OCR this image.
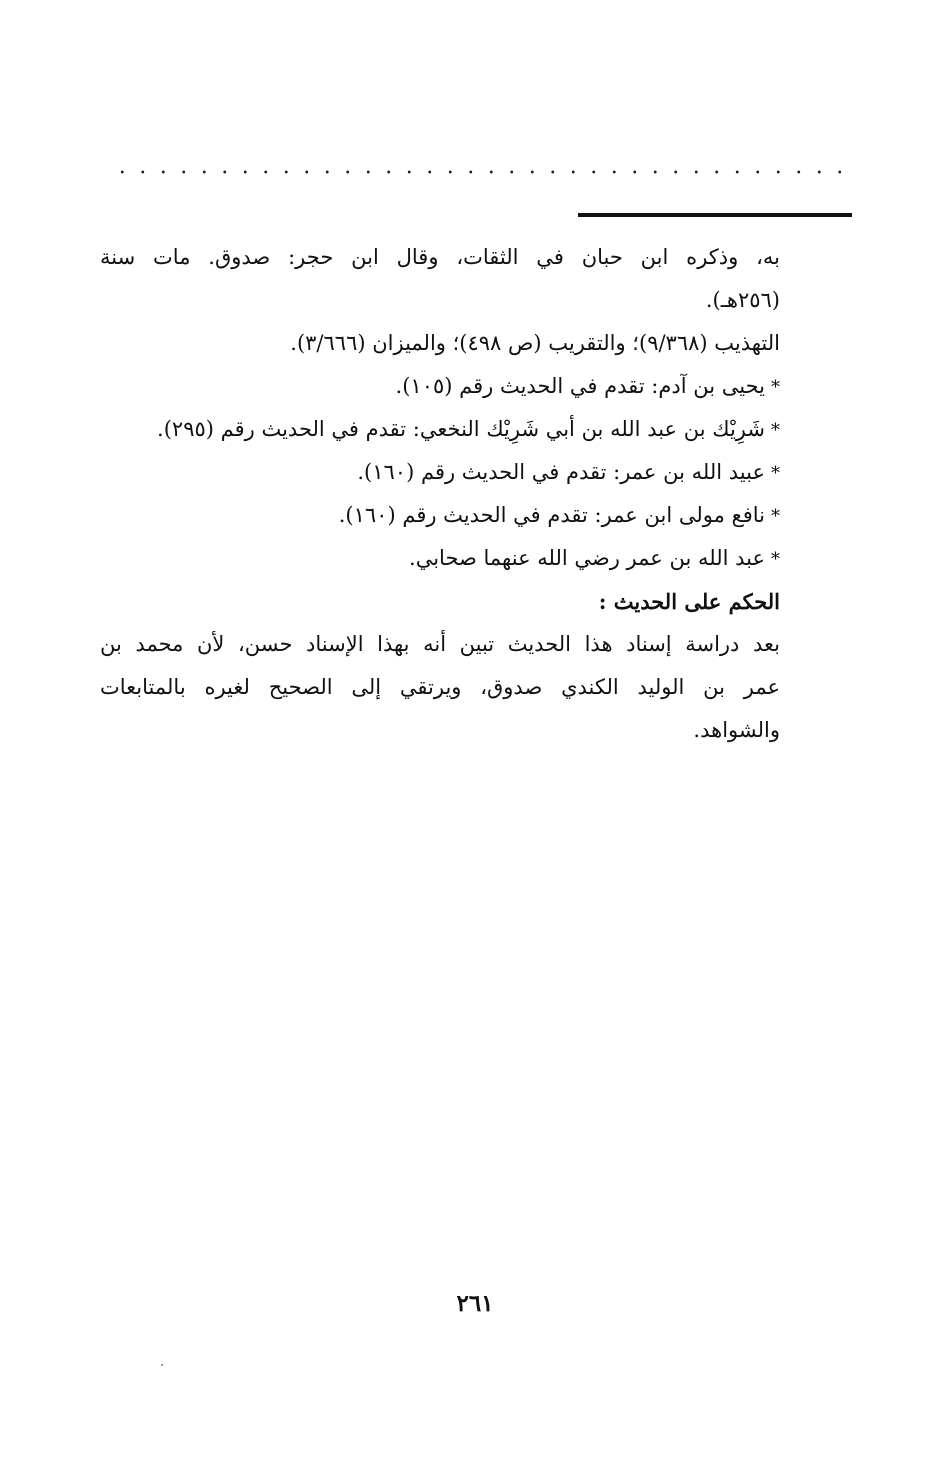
به، وذكره ابن حبان في الثقات، وقال ابن حجر: صدوق. مات سنة
(٢٥٦هـ).
التهذيب (٩/٣٦٨)؛ والتقريب (ص ٤٩٨)؛ والميزان (٣/٦٦٦).
*يحيى بن آدم: تقدم في الحديث رقم (١٠٥).
*شَرِيْك بن عبد الله بن أبي شَرِيْك النخعي: تقدم في الحديث رقم (٢٩٥).
*عبيد الله بن عمر: تقدم في الحديث رقم (١٦٠).
*نافع مولى ابن عمر: تقدم في الحديث رقم (١٦٠).
*عبد الله بن عمر رضي الله عنهما صحابي.
الحكم على الحديث :
بعد دراسة إسناد هذا الحديث تبين أنه بهذا الإسناد حسن، لأن محمد بن
عمر بن الوليد الكندي صدوق، ويرتقي إلى الصحيح لغيره بالمتابعات
والشواهد.
٢٦١
